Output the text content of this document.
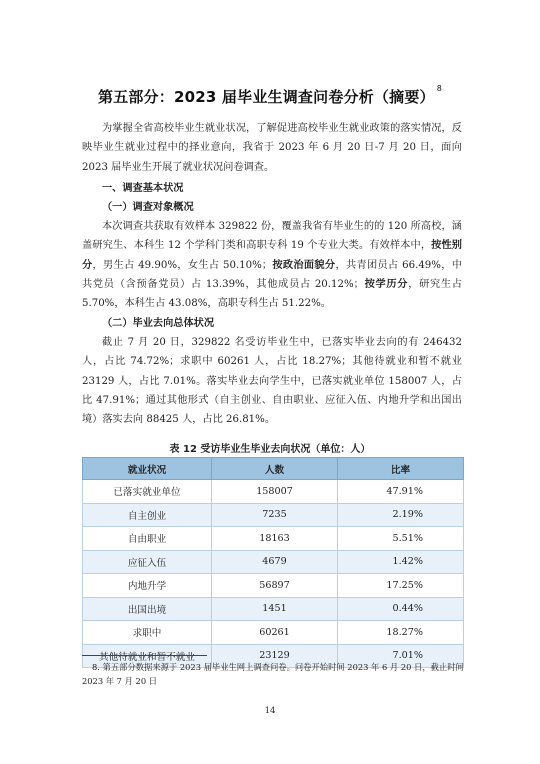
第五部分：2023 届毕业生调查问卷分析（摘要） $^8$

为掌握全省高校毕业生就业状况，了解促进高校毕业生就业政策的落实情况，反映毕业生就业过程中的择业意向，我省于 2023 年 6 月 20 日-7 月 20 日，面向 2023 届毕业生开展了就业状况问卷调查。

一、调查基本状况

（一）调查对象概况

本次调查共获取有效样本 329822 份，覆盖我省有毕业生的的 120 所高校，涵盖研究生、本科生 12 个学科门类和高职专科 19 个专业大类。有效样本中，按性别分，男生占 49.90%，女生占 50.10%；按政治面貌分，共青团员占 66.49%，中共党员（含预备党员）占 13.39%，其他成员占 20.12%；按学历分，研究生占 5.70%，本科生占 43.08%，高职专科生占 51.22%。

（二）毕业去向总体状况

截止 7 月 20 日，329822 名受访毕业生中，已落实毕业去向的有 246432 人，占比 74.72%；求职中 60261 人，占比 18.27%；其他待就业和暂不就业 23129 人，占比 7.01%。落实毕业去向学生中，已落实就业单位 158007 人，占比 47.91%；通过其他形式（自主创业、自由职业、应征入伍、内地升学和出国出境）落实去向 88425 人，占比 26.81%。

表 12 受访毕业生毕业去向状况（单位：人）

就业状况	人数	比率
已落实就业单位	158007	47.91%
自主创业	7235	2.19%
自由职业	18163	5.51%
应征入伍	4679	1.42%
内地升学	56897	17.25%
出国出境	1451	0.44%
求职中	60261	18.27%
其他待就业和暂不就业	23129	7.01%

8. 第五部分数据来源于 2023 届毕业生网上调查问卷。问卷开始时间 2023 年 6 月 20 日，截止时间 2023 年 7 月 20 日

14
